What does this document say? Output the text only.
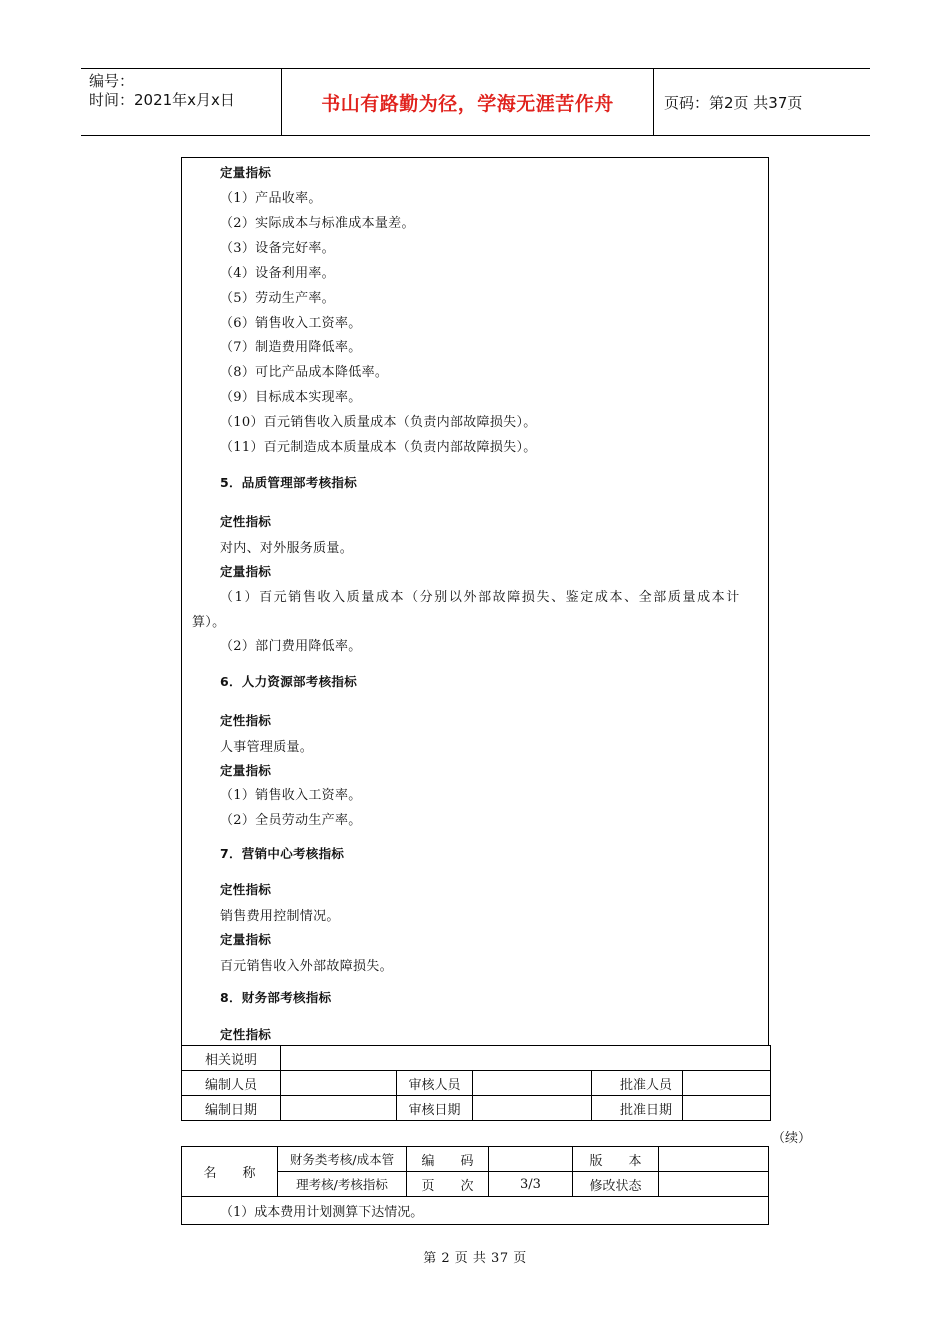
编号：
时间：2021年x月x日	书山有路勤为径，学海无涯苦作舟	页码：第2页 共37页
定量指标
（1）产品收率。
（2）实际成本与标准成本量差。
（3）设备完好率。
（4）设备利用率。
（5）劳动生产率。
（6）销售收入工资率。
（7）制造费用降低率。
（8）可比产品成本降低率。
（9）目标成本实现率。
（10）百元销售收入质量成本（负责内部故障损失）。
（11）百元制造成本质量成本（负责内部故障损失）。
5．品质管理部考核指标
定性指标
对内、对外服务质量。
定量指标
（1）百元销售收入质量成本（分别以外部故障损失、鉴定成本、全部质量成本计
算）。
（2）部门费用降低率。
6．人力资源部考核指标
定性指标
人事管理质量。
定量指标
（1）销售收入工资率。
（2）全员劳动生产率。
7．营销中心考核指标
定性指标
销售费用控制情况。
定量指标
百元销售收入外部故障损失。
8．财务部考核指标
定性指标
相关说明					
编制人员		审核人员		批准人员	
编制日期		审核日期		批准日期	
（续）
名　　称	财务类考核/成本管	编　　码		版　　本	
	理考核/考核指标	页　　次	3/3	修改状态	
（1）成本费用计划测算下达情况。					
第 2 页 共 37 页
